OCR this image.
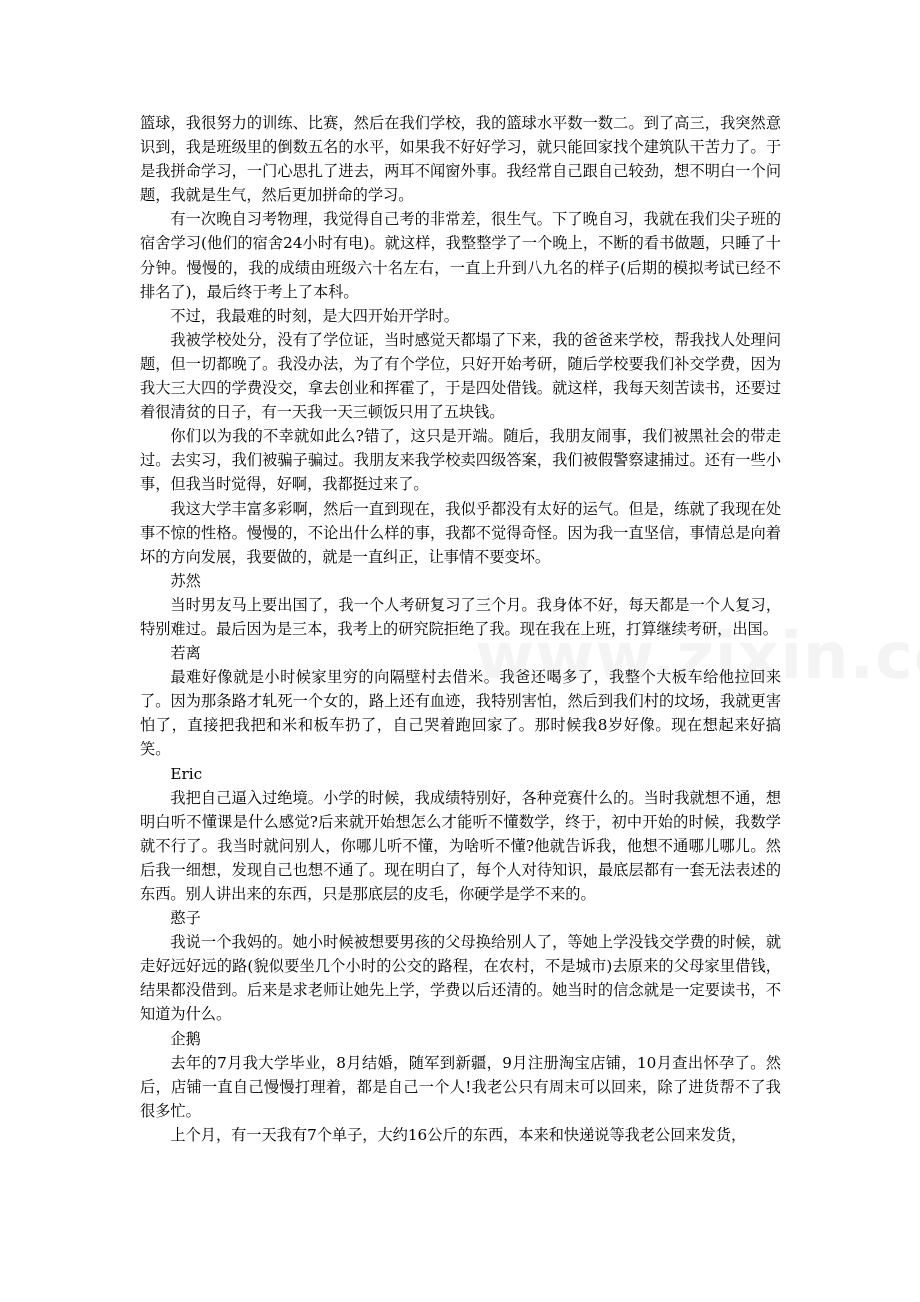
篮球，我很努力的训练、比赛，然后在我们学校，我的篮球水平数一数二。到了高三，我突然意识到，我是班级里的倒数五名的水平，如果我不好好学习，就只能回家找个建筑队干苦力了。于是我拼命学习，一门心思扎了进去，两耳不闻窗外事。我经常自己跟自己较劲，想不明白一个问题，我就是生气，然后更加拼命的学习。

有一次晚自习考物理，我觉得自己考的非常差，很生气。下了晚自习，我就在我们尖子班的宿舍学习(他们的宿舍24小时有电)。就这样，我整整学了一个晚上，不断的看书做题，只睡了十分钟。慢慢的，我的成绩由班级六十名左右，一直上升到八九名的样子(后期的模拟考试已经不排名了)，最后终于考上了本科。

不过，我最难的时刻，是大四开始开学时。

我被学校处分，没有了学位证，当时感觉天都塌了下来，我的爸爸来学校，帮我找人处理问题，但一切都晚了。我没办法，为了有个学位，只好开始考研，随后学校要我们补交学费，因为我大三大四的学费没交，拿去创业和挥霍了，于是四处借钱。就这样，我每天刻苦读书，还要过着很清贫的日子，有一天我一天三顿饭只用了五块钱。

你们以为我的不幸就如此么?错了，这只是开端。随后，我朋友闹事，我们被黑社会的带走过。去实习，我们被骗子骗过。我朋友来我学校卖四级答案，我们被假警察逮捕过。还有一些小事，但我当时觉得，好啊，我都挺过来了。

我这大学丰富多彩啊，然后一直到现在，我似乎都没有太好的运气。但是，练就了我现在处事不惊的性格。慢慢的，不论出什么样的事，我都不觉得奇怪。因为我一直坚信，事情总是向着坏的方向发展，我要做的，就是一直纠正，让事情不要变坏。

苏然

当时男友马上要出国了，我一个人考研复习了三个月。我身体不好，每天都是一个人复习，特别难过。最后因为是三本，我考上的研究院拒绝了我。现在我在上班，打算继续考研，出国。

若离

最难好像就是小时候家里穷的向隔壁村去借米。我爸还喝多了，我整个大板车给他拉回来了。因为那条路才轧死一个女的，路上还有血迹，我特别害怕，然后到我们村的坟场，我就更害怕了，直接把我把和米和板车扔了，自己哭着跑回家了。那时候我8岁好像。现在想起来好搞笑。

Eric

我把自己逼入过绝境。小学的时候，我成绩特别好，各种竞赛什么的。当时我就想不通，想明白听不懂课是什么感觉?后来就开始想怎么才能听不懂数学，终于，初中开始的时候，我数学就不行了。我当时就问别人，你哪儿听不懂，为啥听不懂?他就告诉我，他想不通哪儿哪儿。然后我一细想，发现自己也想不通了。现在明白了，每个人对待知识，最底层都有一套无法表述的东西。别人讲出来的东西，只是那底层的皮毛，你硬学是学不来的。

憨子

我说一个我妈的。她小时候被想要男孩的父母换给别人了，等她上学没钱交学费的时候，就走好远好远的路(貌似要坐几个小时的公交的路程，在农村，不是城市)去原来的父母家里借钱，结果都没借到。后来是求老师让她先上学，学费以后还清的。她当时的信念就是一定要读书，不知道为什么。

企鹅

去年的7月我大学毕业，8月结婚，随军到新疆，9月注册淘宝店铺，10月查出怀孕了。然后，店铺一直自己慢慢打理着，都是自己一个人!我老公只有周末可以回来，除了进货帮不了我很多忙。

上个月，有一天我有7个单子，大约16公斤的东西，本来和快递说等我老公回来发货，
